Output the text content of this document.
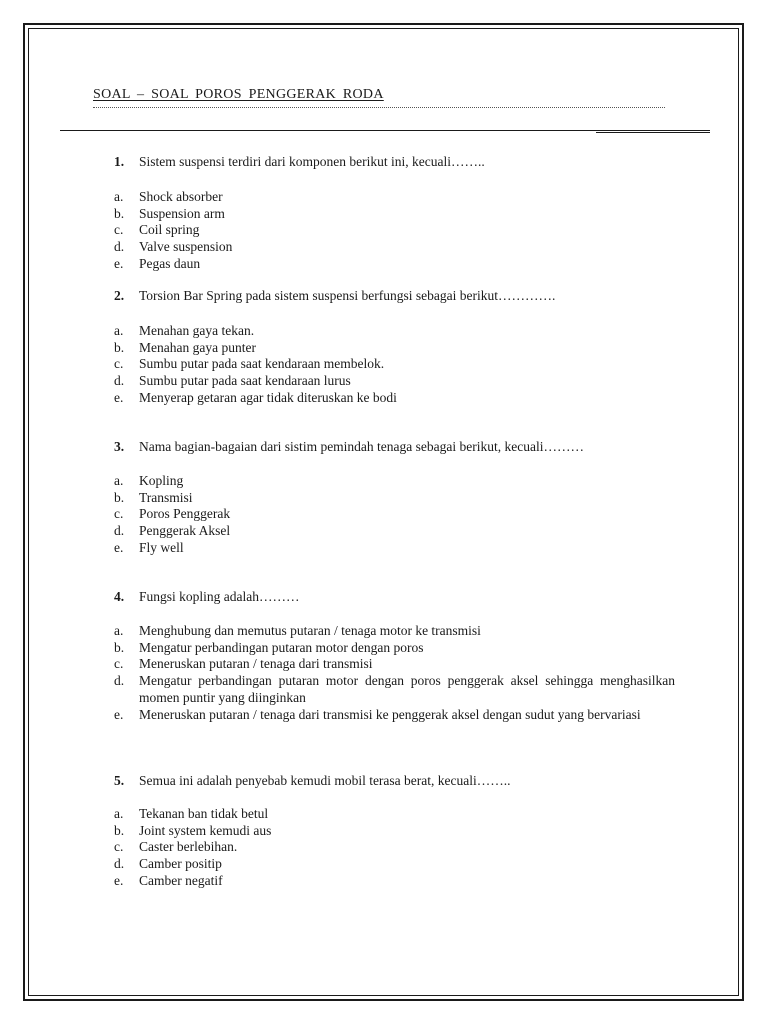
SOAL – SOAL POROS PENGGERAK RODA
1. Sistem suspensi terdiri dari komponen berikut ini, kecuali……..
a. Shock absorber
b. Suspension arm
c. Coil spring
d. Valve suspension
e. Pegas daun
2. Torsion Bar Spring pada sistem suspensi berfungsi sebagai berikut………….
a. Menahan gaya tekan.
b. Menahan gaya punter
c. Sumbu putar pada saat kendaraan membelok.
d. Sumbu putar pada saat kendaraan lurus
e. Menyerap getaran agar tidak diteruskan ke bodi
3. Nama bagian-bagaian dari sistim pemindah tenaga sebagai berikut, kecuali………
a. Kopling
b. Transmisi
c. Poros Penggerak
d. Penggerak Aksel
e. Fly well
4. Fungsi kopling adalah………
a. Menghubung dan memutus putaran / tenaga motor ke transmisi
b. Mengatur perbandingan putaran motor dengan poros
c. Meneruskan putaran / tenaga dari transmisi
d. Mengatur perbandingan putaran motor dengan poros penggerak aksel sehingga menghasilkan momen puntir yang diinginkan
e. Meneruskan putaran / tenaga dari transmisi ke penggerak aksel dengan sudut yang bervariasi
5. Semua ini adalah penyebab kemudi mobil terasa berat, kecuali……..
a. Tekanan ban tidak betul
b. Joint system kemudi aus
c. Caster berlebihan.
d. Camber positip
e. Camber negatif
